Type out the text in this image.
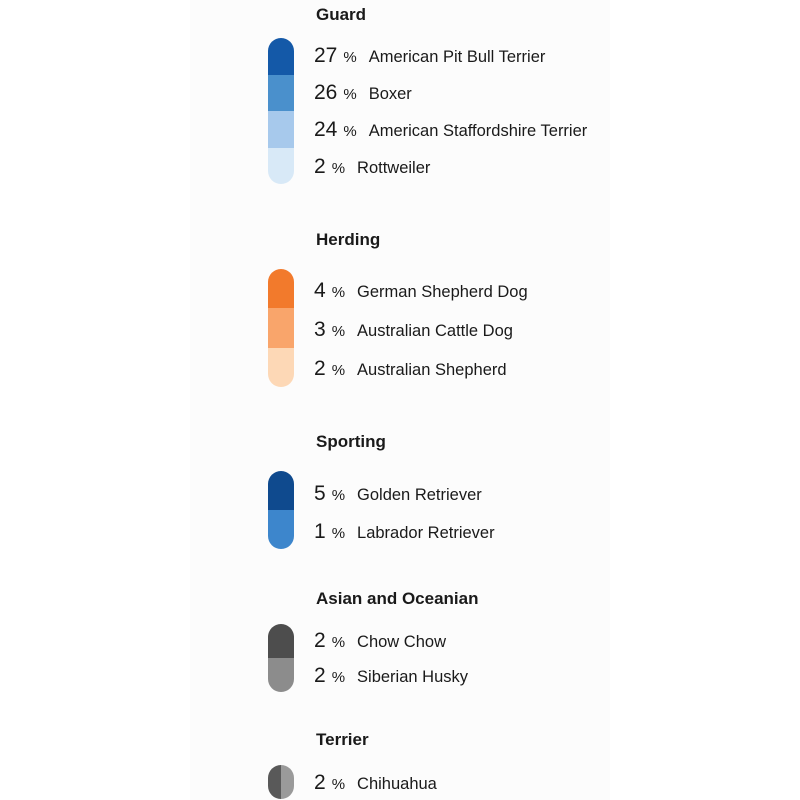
Guard
27 % American Pit Bull Terrier
26 % Boxer
24 % American Staffordshire Terrier
2 % Rottweiler
Herding
4 % German Shepherd Dog
3 % Australian Cattle Dog
2 % Australian Shepherd
Sporting
5 % Golden Retriever
1 % Labrador Retriever
Asian and Oceanian
2 % Chow Chow
2 % Siberian Husky
Terrier
2 % Chihuahua
